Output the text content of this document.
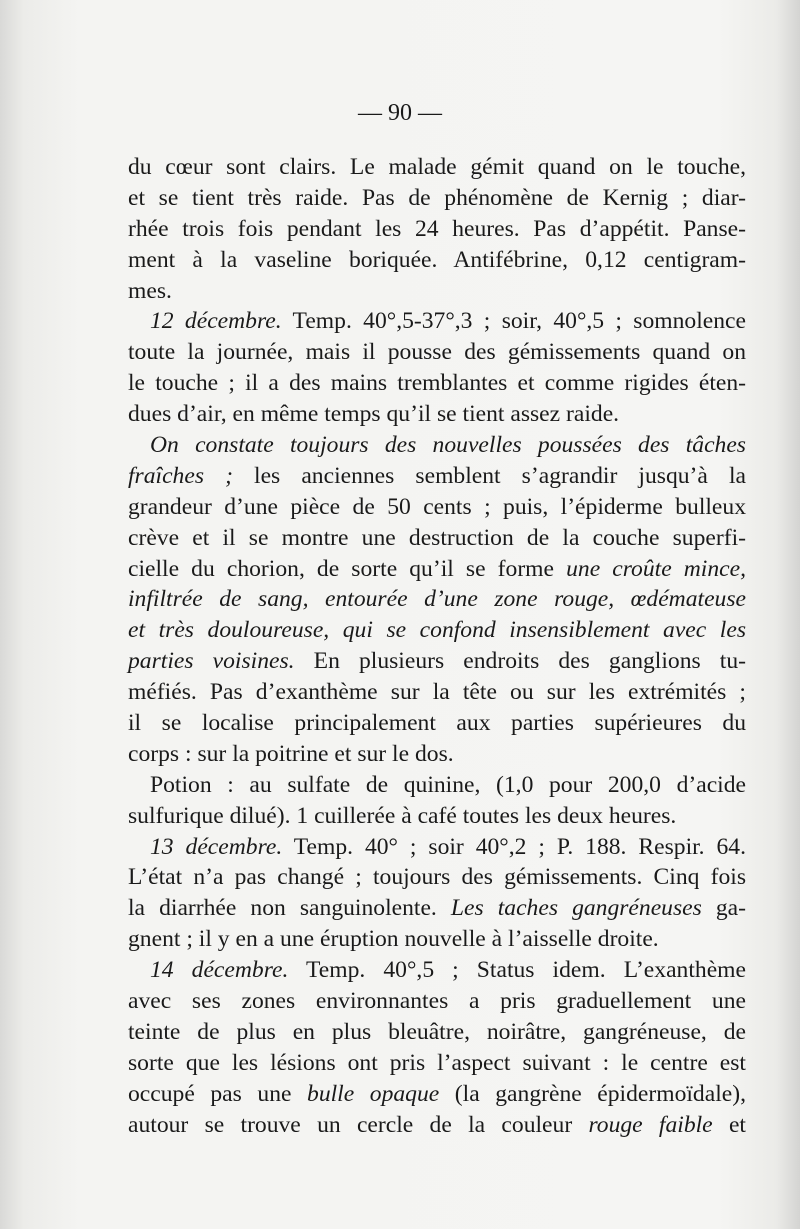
— 90 —
du cœur sont clairs. Le malade gémit quand on le touche,
et se tient très raide. Pas de phénomène de Kernig ; diar-
rhée trois fois pendant les 24 heures. Pas d’appétit. Panse-
ment à la vaseline boriquée. Antifébrine, 0,12 centigram-
mes.
12 décembre. Temp. 40°,5-37°,3 ; soir, 40°,5 ; somnolence
toute la journée, mais il pousse des gémissements quand on
le touche ; il a des mains tremblantes et comme rigides éten-
dues d’air, en même temps qu’il se tient assez raide.
On constate toujours des nouvelles poussées des tâches
fraîches ; les anciennes semblent s’agrandir jusqu’à la
grandeur d’une pièce de 50 cents ; puis, l’épiderme bulleux
crève et il se montre une destruction de la couche superfi-
cielle du chorion, de sorte qu’il se forme une croûte mince,
infiltrée de sang, entourée d’une zone rouge, œdémateuse
et très douloureuse, qui se confond insensiblement avec les
parties voisines. En plusieurs endroits des ganglions tu-
méfiés. Pas d’exanthème sur la tête ou sur les extrémités ;
il se localise principalement aux parties supérieures du
corps : sur la poitrine et sur le dos.
Potion : au sulfate de quinine, (1,0 pour 200,0 d’acide
sulfurique dilué). 1 cuillerée à café toutes les deux heures.
13 décembre. Temp. 40° ; soir 40°,2 ; P. 188. Respir. 64.
L’état n’a pas changé ; toujours des gémissements. Cinq fois
la diarrhée non sanguinolente. Les taches gangréneuses ga-
gnent ; il y en a une éruption nouvelle à l’aisselle droite.
14 décembre. Temp. 40°,5 ; Status idem. L’exanthème
avec ses zones environnantes a pris graduellement une
teinte de plus en plus bleuâtre, noirâtre, gangréneuse, de
sorte que les lésions ont pris l’aspect suivant : le centre est
occupé pas une bulle opaque (la gangrène épidermoïdale),
autour se trouve un cercle de la couleur rouge faible et
